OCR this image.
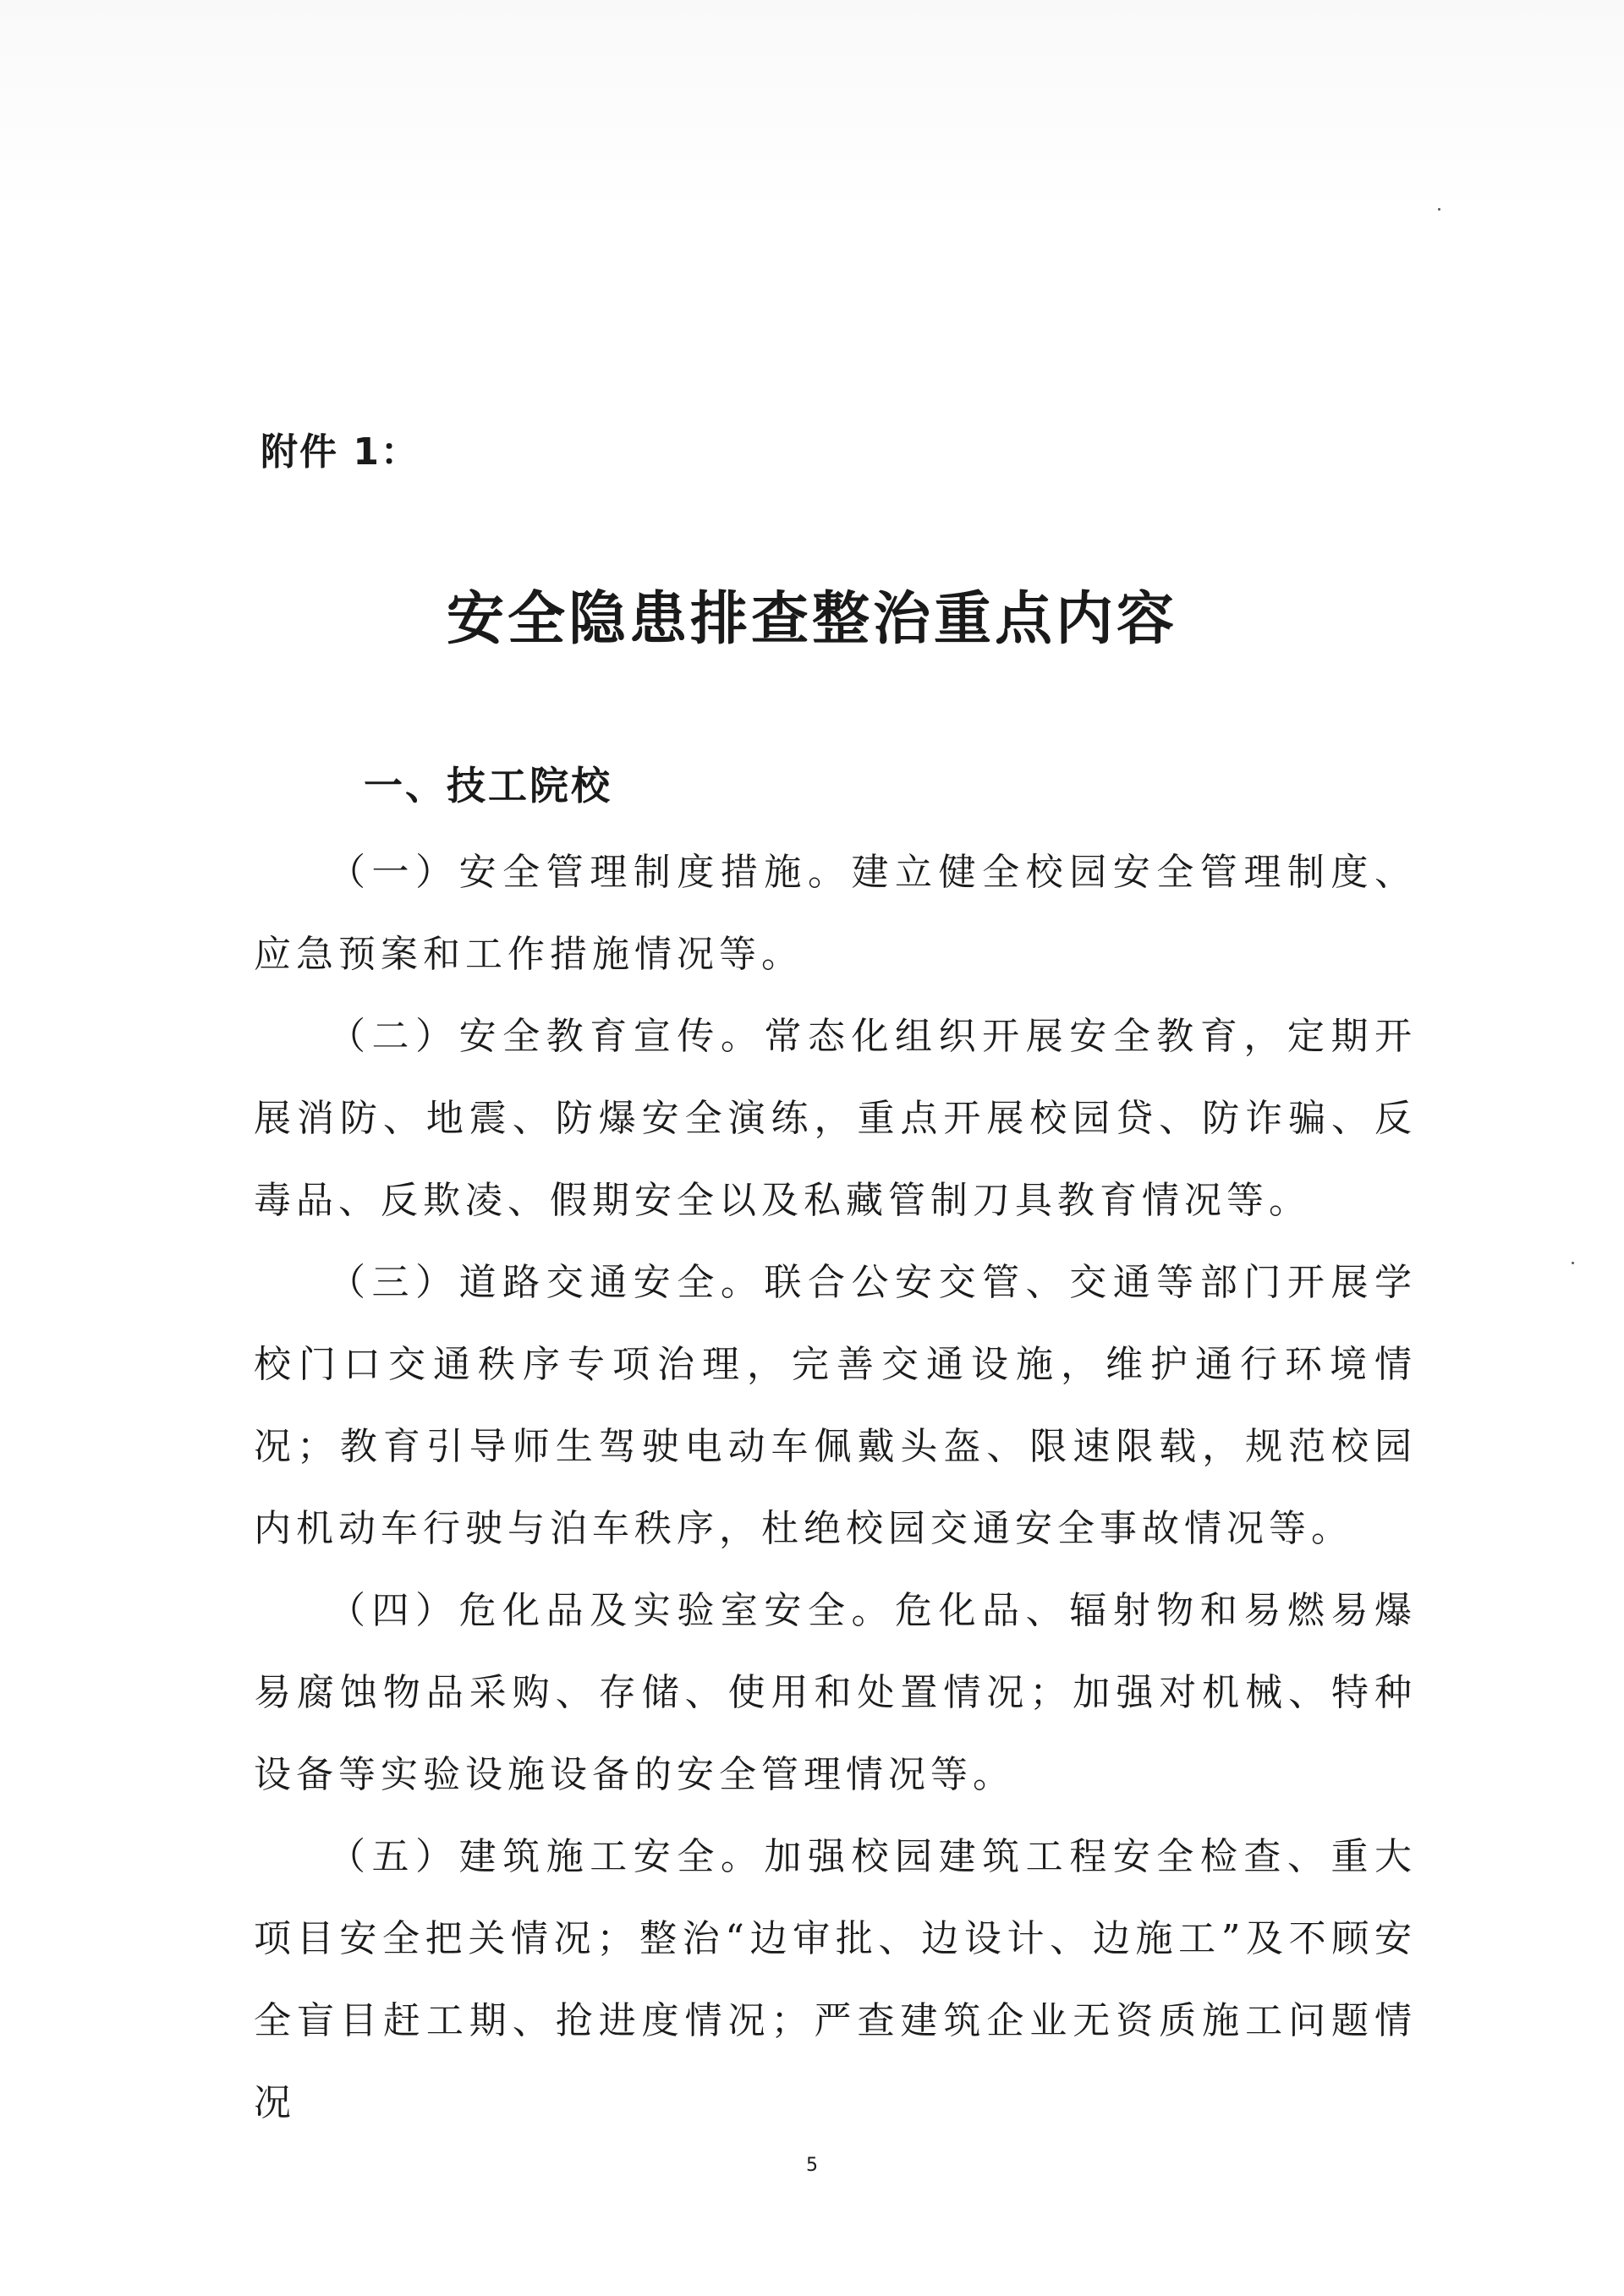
附件 1：
安全隐患排查整治重点内容
一、技工院校

（一）安全管理制度措施。建立健全校园安全管理制度、应急预案和工作措施情况等。

（二）安全教育宣传。常态化组织开展安全教育，定期开展消防、地震、防爆安全演练，重点开展校园贷、防诈骗、反毒品、反欺凌、假期安全以及私藏管制刀具教育情况等。

（三）道路交通安全。联合公安交管、交通等部门开展学校门口交通秩序专项治理，完善交通设施，维护通行环境情况；教育引导师生驾驶电动车佩戴头盔、限速限载，规范校园内机动车行驶与泊车秩序，杜绝校园交通安全事故情况等。

（四）危化品及实验室安全。危化品、辐射物和易燃易爆易腐蚀物品采购、存储、使用和处置情况；加强对机械、特种设备等实验设施设备的安全管理情况等。

（五）建筑施工安全。加强校园建筑工程安全检查、重大项目安全把关情况；整治“边审批、边设计、边施工”及不顾安全盲目赶工期、抢进度情况；严查建筑企业无资质施工问题情况

5
